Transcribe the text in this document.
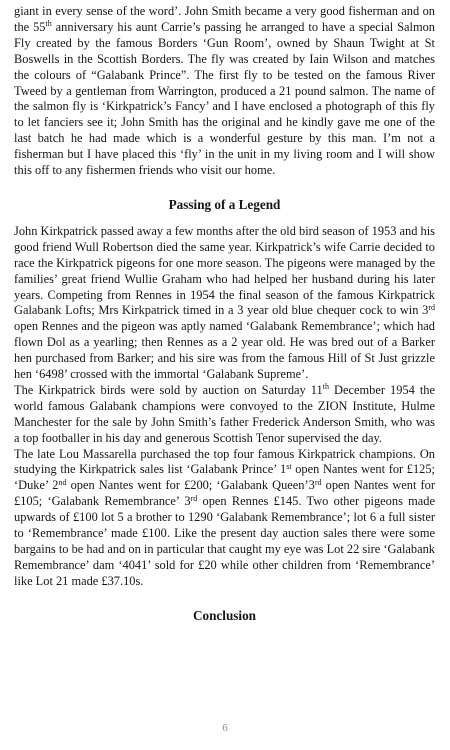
giant in every sense of the word’. John Smith became a very good fisherman and on the 55th anniversary his aunt Carrie’s passing he arranged to have a special Salmon Fly created by the famous Borders ‘Gun Room’, owned by Shaun Twight at St Boswells in the Scottish Borders. The fly was created by Iain Wilson and matches the colours of “Galabank Prince”. The first fly to be tested on the famous River Tweed by a gentleman from Warrington, produced a 21 pound salmon. The name of the salmon fly is ‘Kirkpatrick’s Fancy’ and I have enclosed a photograph of this fly to let fanciers see it; John Smith has the original and he kindly gave me one of the last batch he had made which is a wonderful gesture by this man. I’m not a fisherman but I have placed this ‘fly’ in the unit in my living room and I will show this off to any fishermen friends who visit our home.

Passing of a Legend

John Kirkpatrick passed away a few months after the old bird season of 1953 and his good friend Wull Robertson died the same year. Kirkpatrick’s wife Carrie decided to race the Kirkpatrick pigeons for one more season. The pigeons were managed by the families’ great friend Wullie Graham who had helped her husband during his later years. Competing from Rennes in 1954 the final season of the famous Kirkpatrick Galabank Lofts; Mrs Kirkpatrick timed in a 3 year old blue chequer cock to win 3rd open Rennes and the pigeon was aptly named ‘Galabank Remembrance’; which had flown Dol as a yearling; then Rennes as a 2 year old. He was bred out of a Barker hen purchased from Barker; and his sire was from the famous Hill of St Just grizzle hen ‘6498’ crossed with the immortal ‘Galabank Supreme’.

The Kirkpatrick birds were sold by auction on Saturday 11th December 1954 the world famous Galabank champions were convoyed to the ZION Institute, Hulme Manchester for the sale by John Smith’s father Frederick Anderson Smith, who was a top footballer in his day and generous Scottish Tenor supervised the day.

The late Lou Massarella purchased the top four famous Kirkpatrick champions. On studying the Kirkpatrick sales list ‘Galabank Prince’ 1st open Nantes went for £125; ‘Duke’ 2nd open Nantes went for £200; ‘Galabank Queen’3rd open Nantes went for £105; ‘Galabank Remembrance’ 3rd open Rennes £145. Two other pigeons made upwards of £100 lot 5 a brother to 1290 ‘Galabank Remembrance’; lot 6 a full sister to ‘Remembrance’ made £100. Like the present day auction sales there were some bargains to be had and on in particular that caught my eye was Lot 22 sire ‘Galabank Remembrance’ dam ‘4041’ sold for £20 while other children from ‘Remembrance’ like Lot 21 made £37.10s.

Conclusion
6
